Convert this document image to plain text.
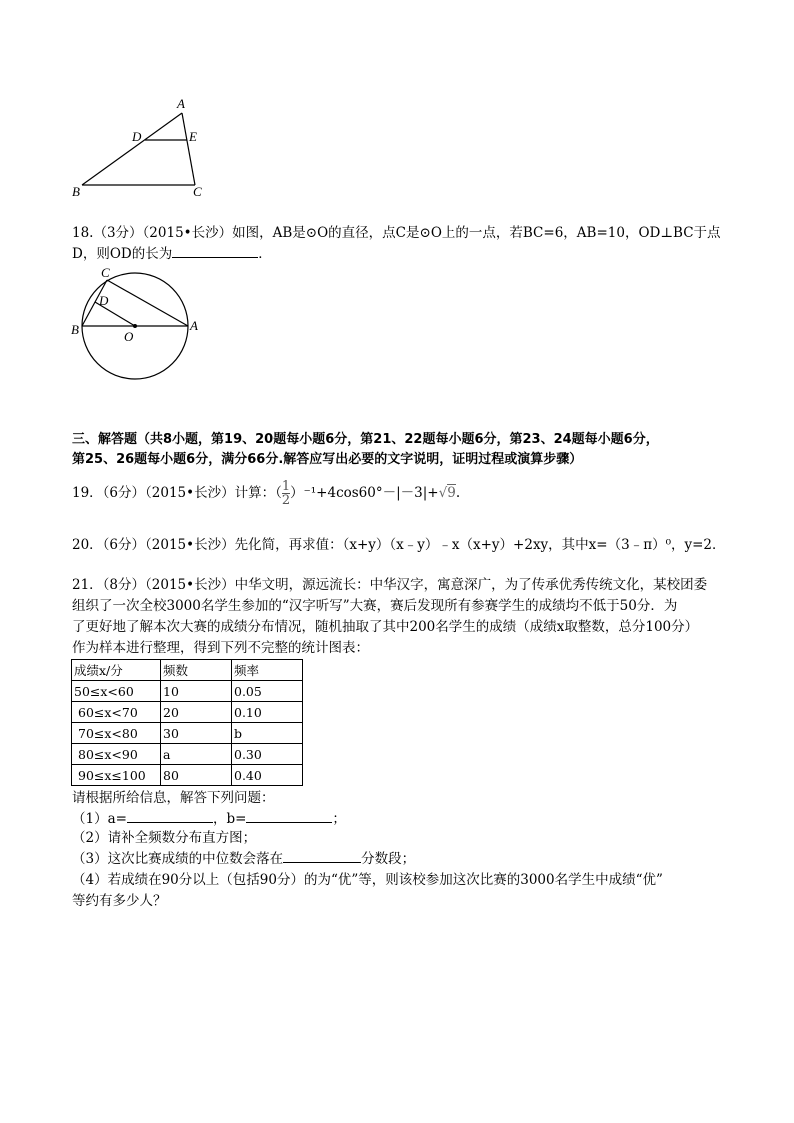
A
B	C
D	E
18.（3分）（2015•长沙）如图，AB是⊙O的直径，点C是⊙O上的一点，若BC=6，AB=10，OD⊥BC于点
D，则OD的长为	．
C
D
B	O
A
三、解答题（共8小题，第19、20题每小题6分，第21、22题每小题6分，第23、24题每小题6分，
第25、26题每小题6分，满分66分.解答应写出必要的文字说明，证明过程或演算步骤）
19．（6分）（2015•长沙）计算：（ $\frac{1}{2} )^{-1}+4\cos 60^\circ-|-3|+√9$.
20．（6分）（2015•长沙）先化简，再求值：（x+y）（x﹣y）﹣x（x+y）+2xy，其中x=（3﹣π）⁰，y=2．
21．（8分）（2015•长沙）中华文明，源远流长：中华汉字，寓意深广，为了传承优秀传统文化，某校团委
组织了一次全校3000名学生参加的“汉字听写”大赛，赛后发现所有参赛学生的成绩均不低于50分．为
了更好地了解本次大赛的成绩分布情况，随机抽取了其中200名学生的成绩（成绩x取整数，总分100分）
作为样本进行整理，得到下列不完整的统计图表：
成绩x/分	频数	频率
50≤x<60	10	0.05
60≤x<70	20	0.10
70≤x<80	30	b
80≤x<90	a	0.30
90≤x≤100	80	0.40
请根据所给信息，解答下列问题：
（1）a=	，b=	；
（2）请补全频数分布直方图；
（3）这次比赛成绩的中位数会落在	分数段；
（4）若成绩在90分以上（包括90分）的为“优”等，则该校参加这次比赛的3000名学生中成绩“优”
等约有多少人？
